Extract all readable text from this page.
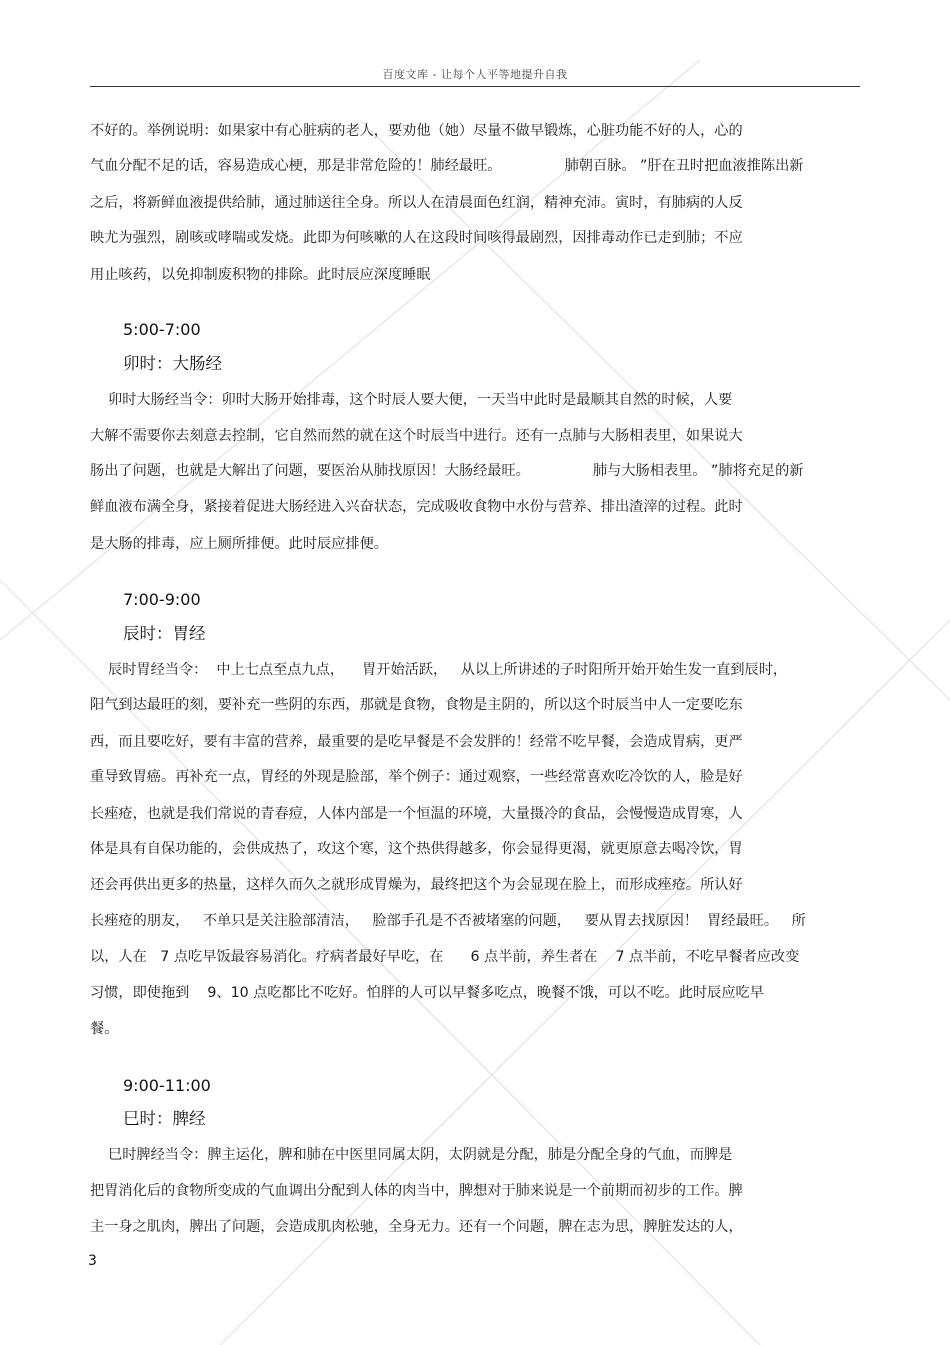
百度文库 - 让每个人平等地提升自我
不好的。举例说明：如果家中有心脏病的老人，要劝他（她）尽量不做早锻炼，心脏功能不好的人，心的
气血分配不足的话，容易造成心梗，那是非常危险的！肺经最旺。              肺朝百脉。 ”肝在丑时把血液推陈出新
之后，将新鲜血液提供给肺，通过肺送往全身。所以人在清晨面色红润，精神充沛。寅时，有肺病的人反
映尤为强烈，剧咳或哮喘或发烧。此即为何咳嗽的人在这段时间咳得最剧烈，因排毒动作已走到肺；不应
用止咳药，以免抑制废积物的排除。此时辰应深度睡眠
5:00-7:00
卯时：大肠经
卯时大肠经当令：卯时大肠开始排毒，这个时辰人要大便，一天当中此时是最顺其自然的时候，人要
大解不需要你去刻意去控制，它自然而然的就在这个时辰当中进行。还有一点肺与大肠相表里，如果说大
肠出了问题，也就是大解出了问题，要医治从肺找原因！大肠经最旺。              肺与大肠相表里。 ”肺将充足的新
鲜血液布满全身，紧接着促进大肠经进入兴奋状态，完成吸收食物中水份与营养、排出渣滓的过程。此时
是大肠的排毒，应上厕所排便。此时辰应排便。
7:00-9:00
辰时：胃经
辰时胃经当令：  中上七点至点九点，    胃开始活跃，   从以上所讲述的子时阳所开始开始生发一直到辰时，
阳气到达最旺的刻，要补充一些阴的东西，那就是食物，食物是主阴的，所以这个时辰当中人一定要吃东
西，而且要吃好，要有丰富的营养，最重要的是吃早餐是不会发胖的！经常不吃早餐，会造成胃病，更严
重导致胃癌。再补充一点，胃经的外现是脸部，举个例子：通过观察，一些经常喜欢吃冷饮的人，脸是好
长痤疮，也就是我们常说的青春痘，人体内部是一个恒温的环境，大量摄冷的食品，会慢慢造成胃寒，人
体是具有自保功能的，会供成热了，攻这个寒，这个热供得越多，你会显得更渴，就更原意去喝冷饮，胃
还会再供出更多的热量，这样久而久之就形成胃燥为，最终把这个为会显现在脸上，而形成痤疮。所认好
长痤疮的朋友，   不单只是关注脸部清洁，   脸部手孔是不否被堵塞的问题，   要从胃去找原因！  胃经最旺。   所
以，人在   7 点吃早饭最容易消化。疗病者最好早吃，在      6 点半前，养生者在    7 点半前，不吃早餐者应改变
习惯，即使拖到    9、10 点吃都比不吃好。怕胖的人可以早餐多吃点，晚餐不饿，可以不吃。此时辰应吃早
餐。
9:00-11:00
巳时：脾经
巳时脾经当令：脾主运化，脾和肺在中医里同属太阴，太阴就是分配，肺是分配全身的气血，而脾是
把胃消化后的食物所变成的气血调出分配到人体的肉当中，脾想对于肺来说是一个前期而初步的工作。脾
主一身之肌肉，脾出了问题，会造成肌肉松驰，全身无力。还有一个问题，脾在志为思，脾脏发达的人，
3
